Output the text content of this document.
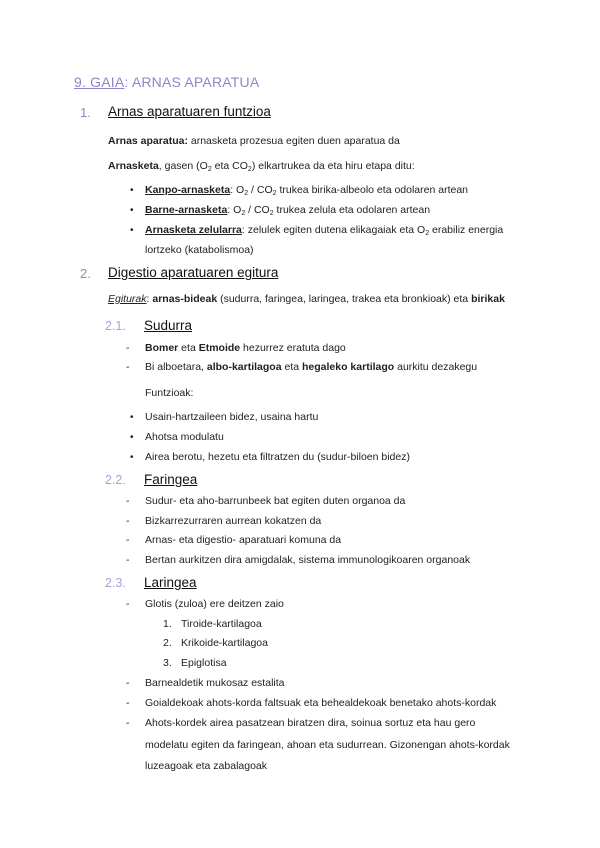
9. GAIA: ARNAS APARATUA
1. Arnas aparatuaren funtzioa
Arnas aparatua: arnasketa prozesua egiten duen aparatua da
Arnasketa, gasen ($O_2$ eta $CO_2$) elkartrukea da eta hiru etapa ditu:
• Kanpo-arnasketa: $O_2 / CO_2$ trukea birika-albeolo eta odolaren artean
• Barne-arnasketa: $O_2 / CO_2$ trukea zelula eta odolaren artean
• Arnasketa zelularra: zelulek egiten dutena elikagaiak eta $O_2$ erabiliz energia
lortzeko (katabolismoa)
2. Digestio aparatuaren egitura
Egiturak: arnas-bideak (sudurra, faringea, laringea, trakea eta bronkioak) eta birikak
2.1. Sudurra
- Bomer eta Etmoide hezurrez eratuta dago
- Bi alboetara, albo-kartilagoa eta hegaleko kartilago aurkitu dezakegu
Funtzioak:
• Usain-hartzaileen bidez, usaina hartu
• Ahotsa modulatu
• Airea berotu, hezetu eta filtratzen du (sudur-biloen bidez)
2.2. Faringea
- Sudur- eta aho-barrunbeek bat egiten duten organoa da
- Bizkarrezurraren aurrean kokatzen da
- Arnas- eta digestio- aparatuari komuna da
- Bertan aurkitzen dira amigdalak, sistema immunologikoaren organoak
2.3. Laringea
- Glotis (zuloa) ere deitzen zaio
1. Tiroide-kartilagoa
2. Krikoide-kartilagoa
3. Epiglotisa
- Barnealdetik mukosaz estalita
- Goialdekoak ahots-korda faltsuak eta behealdekoak benetako ahots-kordak
- Ahots-kordek airea pasatzean biratzen dira, soinua sortuz eta hau gero
modelatu egiten da faringean, ahoan eta sudurrean. Gizonengan ahots-kordak
luzeagoak eta zabalagoak
